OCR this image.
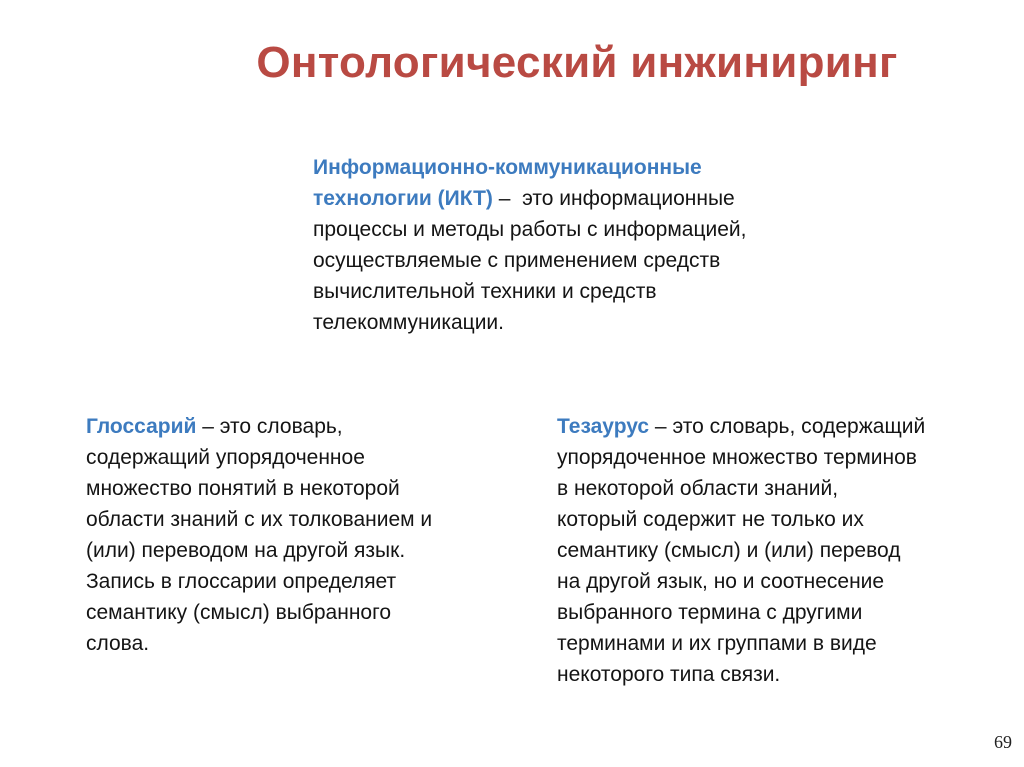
Онтологический инжиниринг
Информационно-коммуникационные
технологии (ИКТ) –  это информационные
процессы и методы работы с информацией,
осуществляемые с применением средств
вычислительной техники и средств
телекоммуникации.
Глоссарий – это словарь,
содержащий упорядоченное
множество понятий в некоторой
области знаний с их толкованием и
(или) переводом на другой язык.
Запись в глоссарии определяет
семантику (смысл) выбранного
слова.
Тезаурус – это словарь, содержащий
упорядоченное множество терминов
в некоторой области знаний,
который содержит не только их
семантику (смысл) и (или) перевод
на другой язык, но и соотнесение
выбранного термина с другими
терминами и их группами в виде
некоторого типа связи.
69
